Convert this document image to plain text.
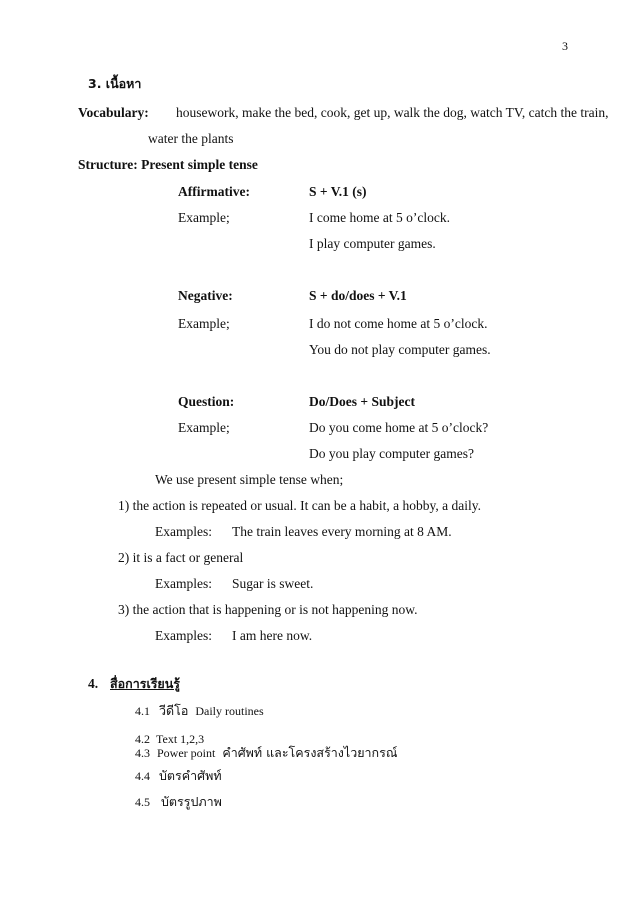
3
3. เนื้อหา
Vocabulary: housework, make the bed, cook, get up, walk the dog, watch TV, catch the train,
water the plants
Structure: Present simple tense
Affirmative:	S + V.1 (s)
Example;	I come home at 5 o’clock.
I play computer games.
Negative:	S + do/does + V.1
Example;	I do not come home at 5 o’clock.
You do not play computer games.
Question:	Do/Does + Subject
Example;	Do you come home at 5 o’clock?
Do you play computer games?
We use present simple tense when;
1) the action is repeated or usual. It can be a habit, a hobby, a daily.
Examples: The train leaves every morning at 8 AM.
2) it is a fact or general
Examples: Sugar is sweet.
3) the action that is happening or is not happening now.
Examples: I am here now.
4. สื่อการเรียนรู้
4.1 วีดีโอ Daily routines
4.2 Text 1,2,3
4.3 Power point คำศัพท์ และโครงสร้างไวยากรณ์
4.4 บัตรคำศัพท์
4.5 บัตรรูปภาพ
